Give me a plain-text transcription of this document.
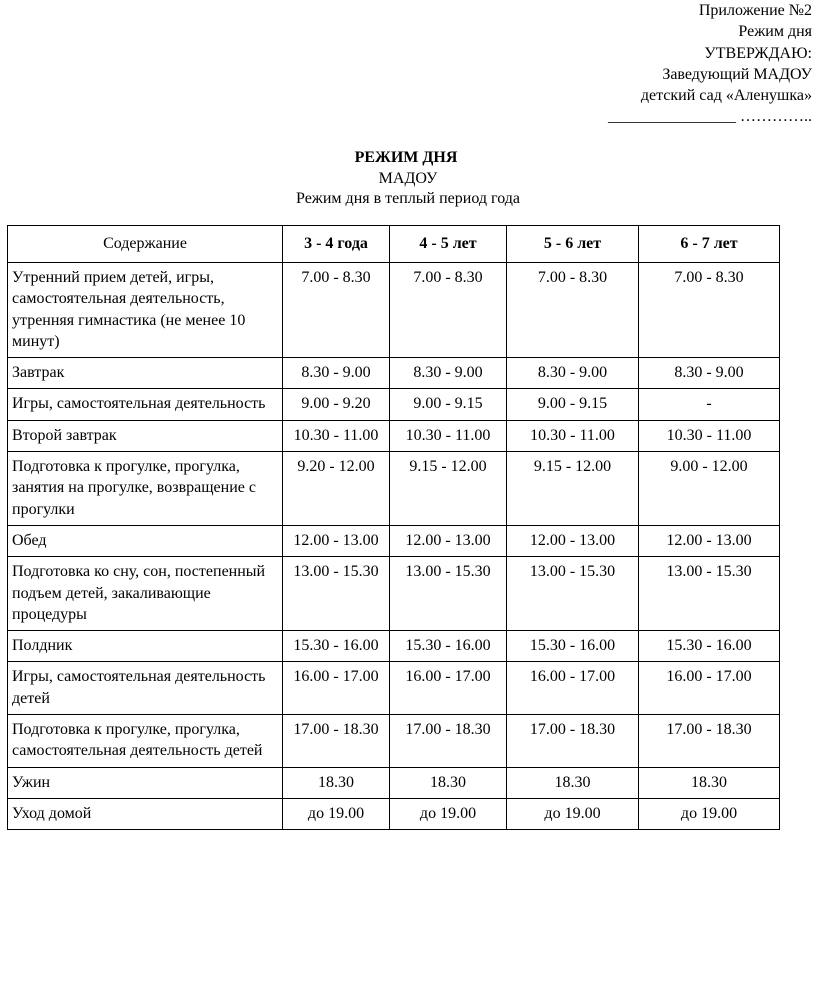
Приложение №2
Режим дня
УТВЕРЖДАЮ:
Заведующий МАДОУ
детский сад «Аленушка»
________________ …………..
РЕЖИМ ДНЯ
МАДОУ
Режим дня в теплый период года
Содержание	3 - 4 года	4 - 5 лет	5 - 6 лет	6 - 7 лет
Утренний прием детей, игры, самостоятельная деятельность, утренняя гимнастика (не менее 10 минут)	7.00 - 8.30	7.00 - 8.30	7.00 - 8.30	7.00 - 8.30
Завтрак	8.30 - 9.00	8.30 - 9.00	8.30 - 9.00	8.30 - 9.00
Игры, самостоятельная деятельность	9.00 - 9.20	9.00 - 9.15	9.00 - 9.15	-
Второй завтрак	10.30 - 11.00	10.30 - 11.00	10.30 - 11.00	10.30 - 11.00
Подготовка к прогулке, прогулка, занятия на прогулке, возвращение с прогулки	9.20 - 12.00	9.15 - 12.00	9.15 - 12.00	9.00 - 12.00
Обед	12.00 - 13.00	12.00 - 13.00	12.00 - 13.00	12.00 - 13.00
Подготовка ко сну, сон, постепенный подъем детей, закаливающие процедуры	13.00 - 15.30	13.00 - 15.30	13.00 - 15.30	13.00 - 15.30
Полдник	15.30 - 16.00	15.30 - 16.00	15.30 - 16.00	15.30 - 16.00
Игры, самостоятельная деятельность детей	16.00 - 17.00	16.00 - 17.00	16.00 - 17.00	16.00 - 17.00
Подготовка к прогулке, прогулка, самостоятельная деятельность детей	17.00 - 18.30	17.00 - 18.30	17.00 - 18.30	17.00 - 18.30
Ужин	18.30	18.30	18.30	18.30
Уход домой	до 19.00	до 19.00	до 19.00	до 19.00
